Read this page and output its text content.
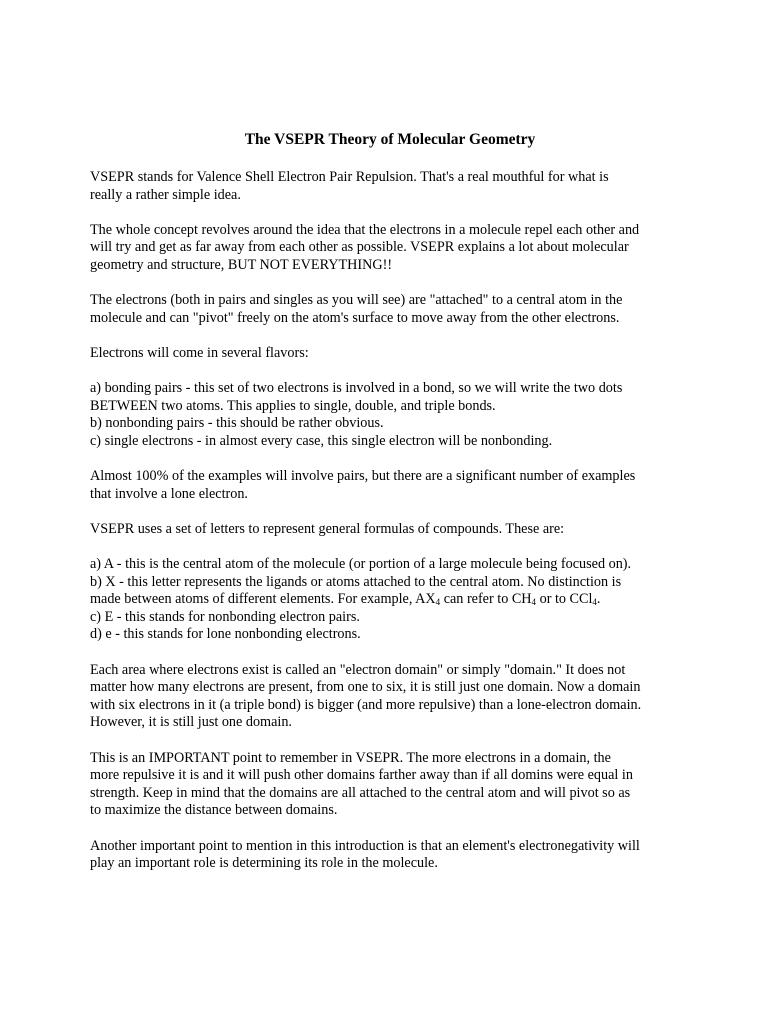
The VSEPR Theory of Molecular Geometry

VSEPR stands for Valence Shell Electron Pair Repulsion. That's a real mouthful for what is
really a rather simple idea.

The whole concept revolves around the idea that the electrons in a molecule repel each other and
will try and get as far away from each other as possible. VSEPR explains a lot about molecular
geometry and structure, BUT NOT EVERYTHING!!

The electrons (both in pairs and singles as you will see) are "attached" to a central atom in the
molecule and can "pivot" freely on the atom's surface to move away from the other electrons.

Electrons will come in several flavors:

a) bonding pairs - this set of two electrons is involved in a bond, so we will write the two dots
BETWEEN two atoms. This applies to single, double, and triple bonds.
b) nonbonding pairs - this should be rather obvious.
c) single electrons - in almost every case, this single electron will be nonbonding.

Almost 100% of the examples will involve pairs, but there are a significant number of examples
that involve a lone electron.

VSEPR uses a set of letters to represent general formulas of compounds. These are:

a) A - this is the central atom of the molecule (or portion of a large molecule being focused on).
b) X - this letter represents the ligands or atoms attached to the central atom. No distinction is
made between atoms of different elements. For example, $AX_4$ can refer to $CH_4$ or to CCl$_4$.
c) E - this stands for nonbonding electron pairs.
d) e - this stands for lone nonbonding electrons.

Each area where electrons exist is called an "electron domain" or simply "domain." It does not
matter how many electrons are present, from one to six, it is still just one domain. Now a domain
with six electrons in it (a triple bond) is bigger (and more repulsive) than a lone-electron domain.
However, it is still just one domain.

This is an IMPORTANT point to remember in VSEPR. The more electrons in a domain, the
more repulsive it is and it will push other domains farther away than if all domins were equal in
strength. Keep in mind that the domains are all attached to the central atom and will pivot so as
to maximize the distance between domains.

Another important point to mention in this introduction is that an element's electronegativity will
play an important role is determining its role in the molecule.
